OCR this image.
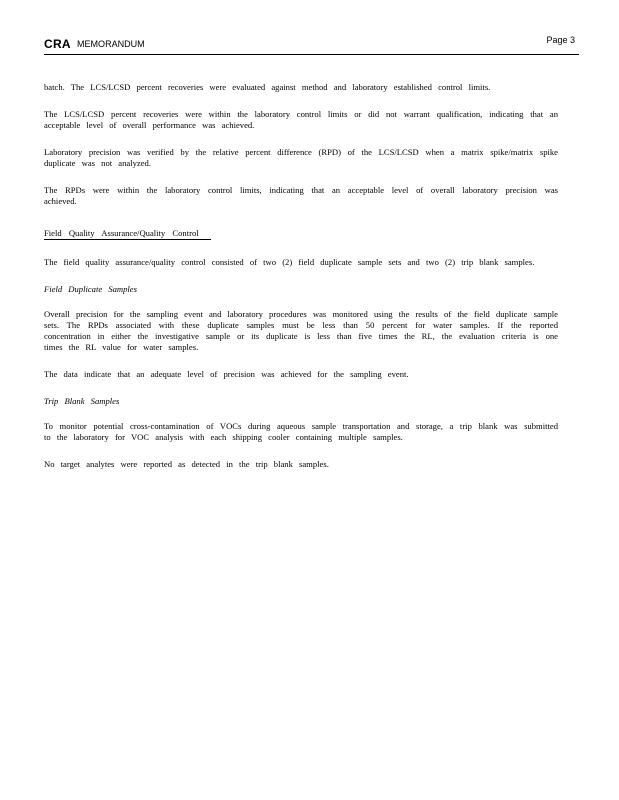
CRA MEMORANDUM	Page 3

batch. The LCS/LCSD percent recoveries were evaluated against method and laboratory established control limits.

The LCS/LCSD percent recoveries were within the laboratory control limits or did not warrant qualification, indicating that an acceptable level of overall performance was achieved.

Laboratory precision was verified by the relative percent difference (RPD) of the LCS/LCSD when a matrix spike/matrix spike duplicate was not analyzed.

The RPDs were within the laboratory control limits, indicating that an acceptable level of overall laboratory precision was achieved.

Field Quality Assurance/Quality Control

The field quality assurance/quality control consisted of two (2) field duplicate sample sets and two (2) trip blank samples.

Field Duplicate Samples

Overall precision for the sampling event and laboratory procedures was monitored using the results of the field duplicate sample sets. The RPDs associated with these duplicate samples must be less than 50 percent for water samples. If the reported concentration in either the investigative sample or its duplicate is less than five times the RL, the evaluation criteria is one times the RL value for water samples.

The data indicate that an adequate level of precision was achieved for the sampling event.

Trip Blank Samples

To monitor potential cross-contamination of VOCs during aqueous sample transportation and storage, a trip blank was submitted to the laboratory for VOC analysis with each shipping cooler containing multiple samples.

No target analytes were reported as detected in the trip blank samples.
